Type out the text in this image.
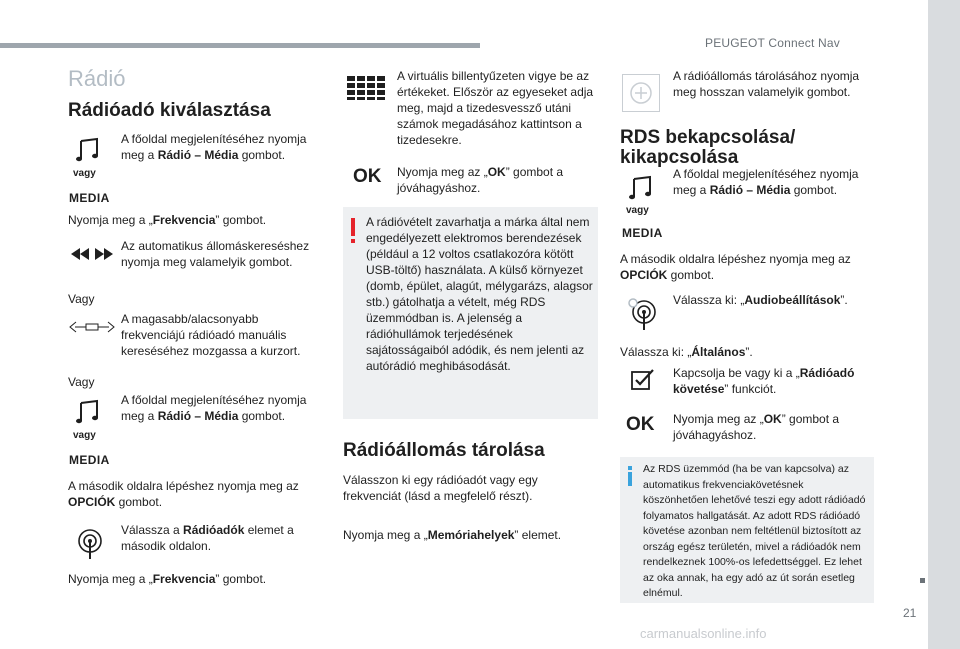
PEUGEOT Connect Nav
21
carmanualsonline.info
Rádió
Rádióadó kiválasztása
vagy
MEDIA
A főoldal megjelenítéséhez nyomja meg a Rádió – Média gombot.
Nyomja meg a „Frekvencia” gombot.
Az automatikus állomáskereséshez nyomja meg valamelyik gombot.
Vagy
A magasabb/alacsonyabb frekvenciájú rádióadó manuális kereséséhez mozgassa a kurzort.
Vagy
vagy
MEDIA
A főoldal megjelenítéséhez nyomja meg a Rádió – Média gombot.
A második oldalra lépéshez nyomja meg az OPCIÓK gombot.
Válassza a Rádióadók elemet a második oldalon.
Nyomja meg a „Frekvencia” gombot.
A virtuális billentyűzeten vigye be az értékeket. Először az egyeseket adja meg, majd a tizedesvessző utáni számok megadásához kattintson a tizedesekre.
OK Nyomja meg az „OK” gombot a jóváhagyáshoz.
A rádióvételt zavarhatja a márka által nem engedélyezett elektromos berendezések (például a 12 voltos csatlakozóra kötött USB-töltő) használata. A külső környezet (domb, épület, alagút, mélygarázs, alagsor stb.) gátolhatja a vételt, még RDS üzemmódban is. A jelenség a rádióhullámok terjedésének sajátosságaiból adódik, és nem jelenti az autórádió meghibásodását.
Rádióállomás tárolása
Válasszon ki egy rádióadót vagy egy frekvenciát (lásd a megfelelő részt).
Nyomja meg a „Memóriahelyek” elemet.
A rádióállomás tárolásához nyomja meg hosszan valamelyik gombot.
RDS bekapcsolása/
kikapcsolása
vagy
MEDIA
A főoldal megjelenítéséhez nyomja meg a Rádió – Média gombot.
A második oldalra lépéshez nyomja meg az OPCIÓK gombot.
Válassza ki: „Audiobeállítások”.
Válassza ki: „Általános”.
Kapcsolja be vagy ki a „Rádióadó követése” funkciót.
OK Nyomja meg az „OK” gombot a jóváhagyáshoz.
Az RDS üzemmód (ha be van kapcsolva) az automatikus frekvenciakövetésnek köszönhetően lehetővé teszi egy adott rádióadó folyamatos hallgatását. Az adott RDS rádióadó követése azonban nem feltétlenül biztosított az ország egész területén, mivel a rádióadók nem rendelkeznek 100%-os lefedettséggel. Ez lehet az oka annak, ha egy adó az út során esetleg elnémul.
